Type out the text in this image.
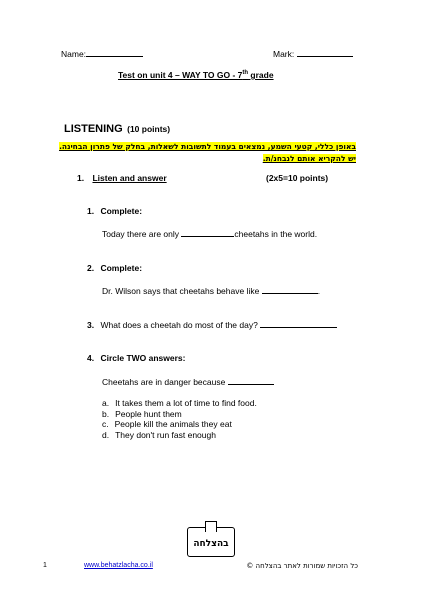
Name:	Mark:
Test on unit 4 – WAY TO GO - 7th grade
LISTENING (10 points)
באופן כללי, קטעי השמע, נמצאים בעמוד לתשובות לשאלות, בחלק של פתרון הבחינה.
יש להקריא אותם לנבחנ/ת.
1. Listen and answer	(2x5=10 points)
1. Complete:
Today there are only	cheetahs in the world.
2. Complete:
Dr. Wilson says that cheetahs behave like	.
3. What does a cheetah do most of the day?
4. Circle TWO answers:
Cheetahs are in danger because
a. It takes them a lot of time to find food.
b. People hunt them
c. People kill the animals they eat
d. They don't run fast enough
בהצלחה
1	www.behatzlacha.co.il	כל הזכויות שמורות לאתר בהצלחה ©
